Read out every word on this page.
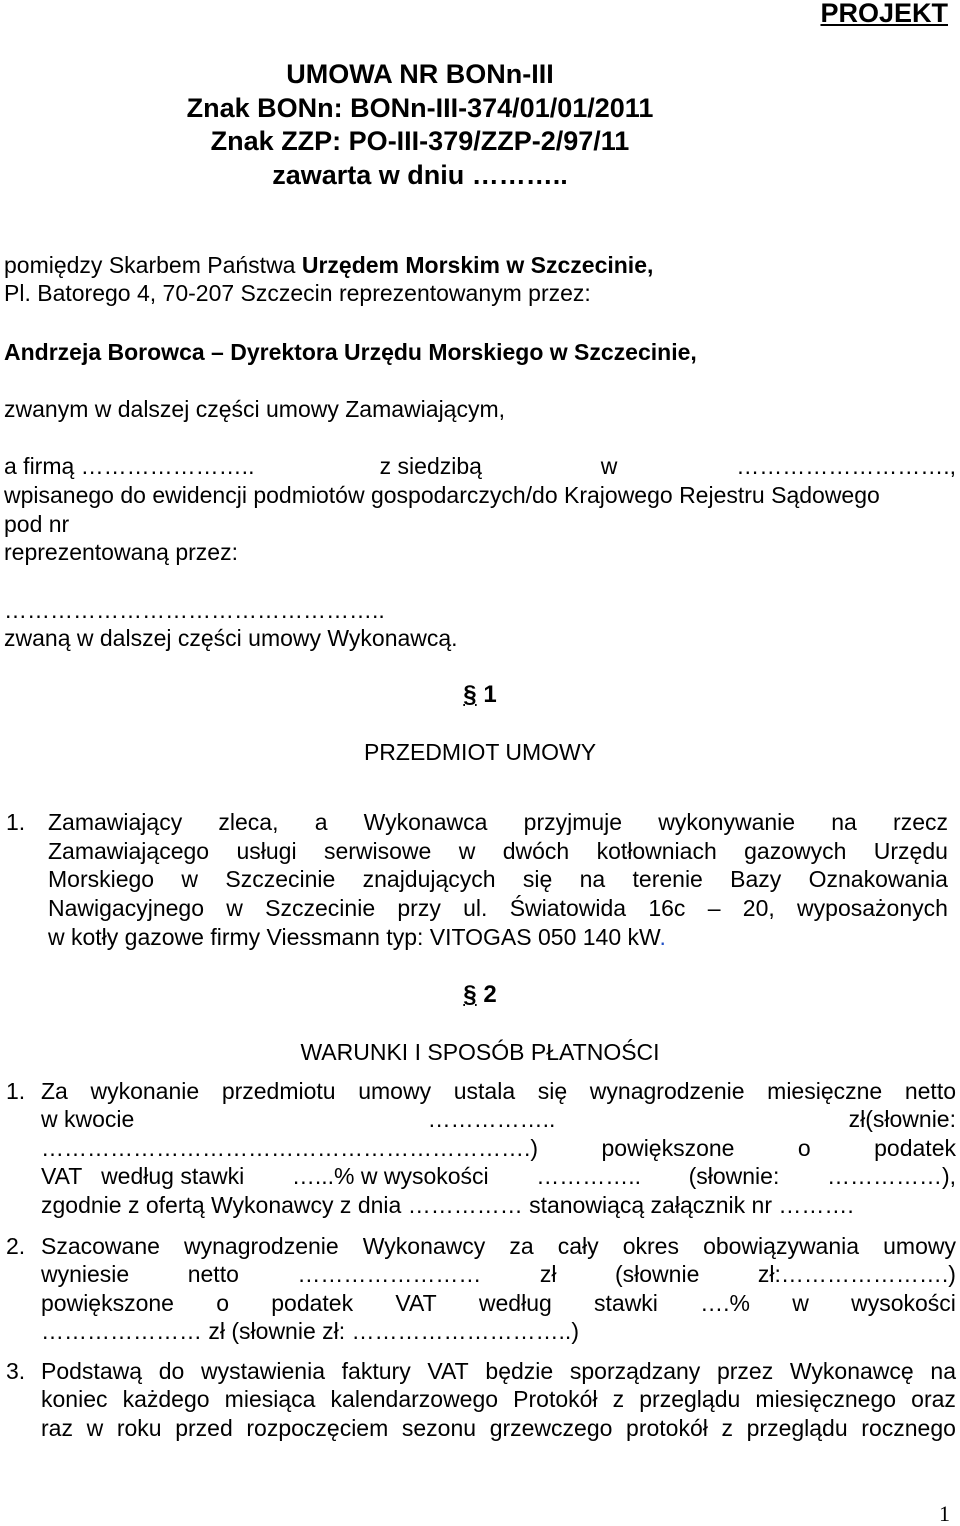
PROJEKT
UMOWA NR BONn-III
Znak BONn: BONn-III-374/01/01/2011
Znak ZZP: PO-III-379/ZZP-2/97/11
zawarta w dniu ………..
pomiędzy Skarbem Państwa Urzędem Morskim w Szczecinie,
Pl. Batorego 4, 70-207 Szczecin reprezentowanym przez:
Andrzeja Borowca – Dyrektora Urzędu Morskiego w Szczecinie,
zwanym w dalszej części umowy Zamawiającym,
a firmą …………………..	z siedzibą	w	……………………….,
wpisanego do ewidencji podmiotów gospodarczych/do Krajowego Rejestru Sądowego
pod nr
reprezentowaną przez:
…………………………………………..
zwaną w dalszej części umowy Wykonawcą.
§ 1
PRZEDMIOT UMOWY
1. Zamawiający zleca, a Wykonawca przyjmuje wykonywanie na rzecz
Zamawiającego usługi serwisowe w dwóch kotłowniach gazowych Urzędu
Morskiego w Szczecinie znajdujących się na terenie Bazy Oznakowania
Nawigacyjnego w Szczecinie przy ul. Światowida 16c – 20, wyposażonych
w kotły gazowe firmy Viessmann typ: VITOGAS 050 140 kW.
§ 2
WARUNKI I SPOSÓB PŁATNOŚCI
1. Za wykonanie przedmiotu umowy ustala się wynagrodzenie miesięczne netto
w kwocie	……………..	zł(słownie:
……………………………………………………….)	powiększone	o	podatek
VAT   według stawki …...% w wysokości ………….. (słownie: ……………),
zgodnie z ofertą Wykonawcy z dnia …………… stanowiącą załącznik nr ……….
2. Szacowane wynagrodzenie Wykonawcy za cały okres obowiązywania umowy
wyniesie	netto	……………………	zł	(słownie	zł:………………….)
powiększone o podatek VAT według stawki ….% w wysokości
………………… zł (słownie zł: ………………………..)
3. Podstawą do wystawienia faktury VAT będzie sporządzany przez Wykonawcę na
koniec każdego miesiąca kalendarzowego Protokół z przeglądu miesięcznego oraz
raz w roku przed rozpoczęciem sezonu grzewczego protokół z przeglądu rocznego
1
